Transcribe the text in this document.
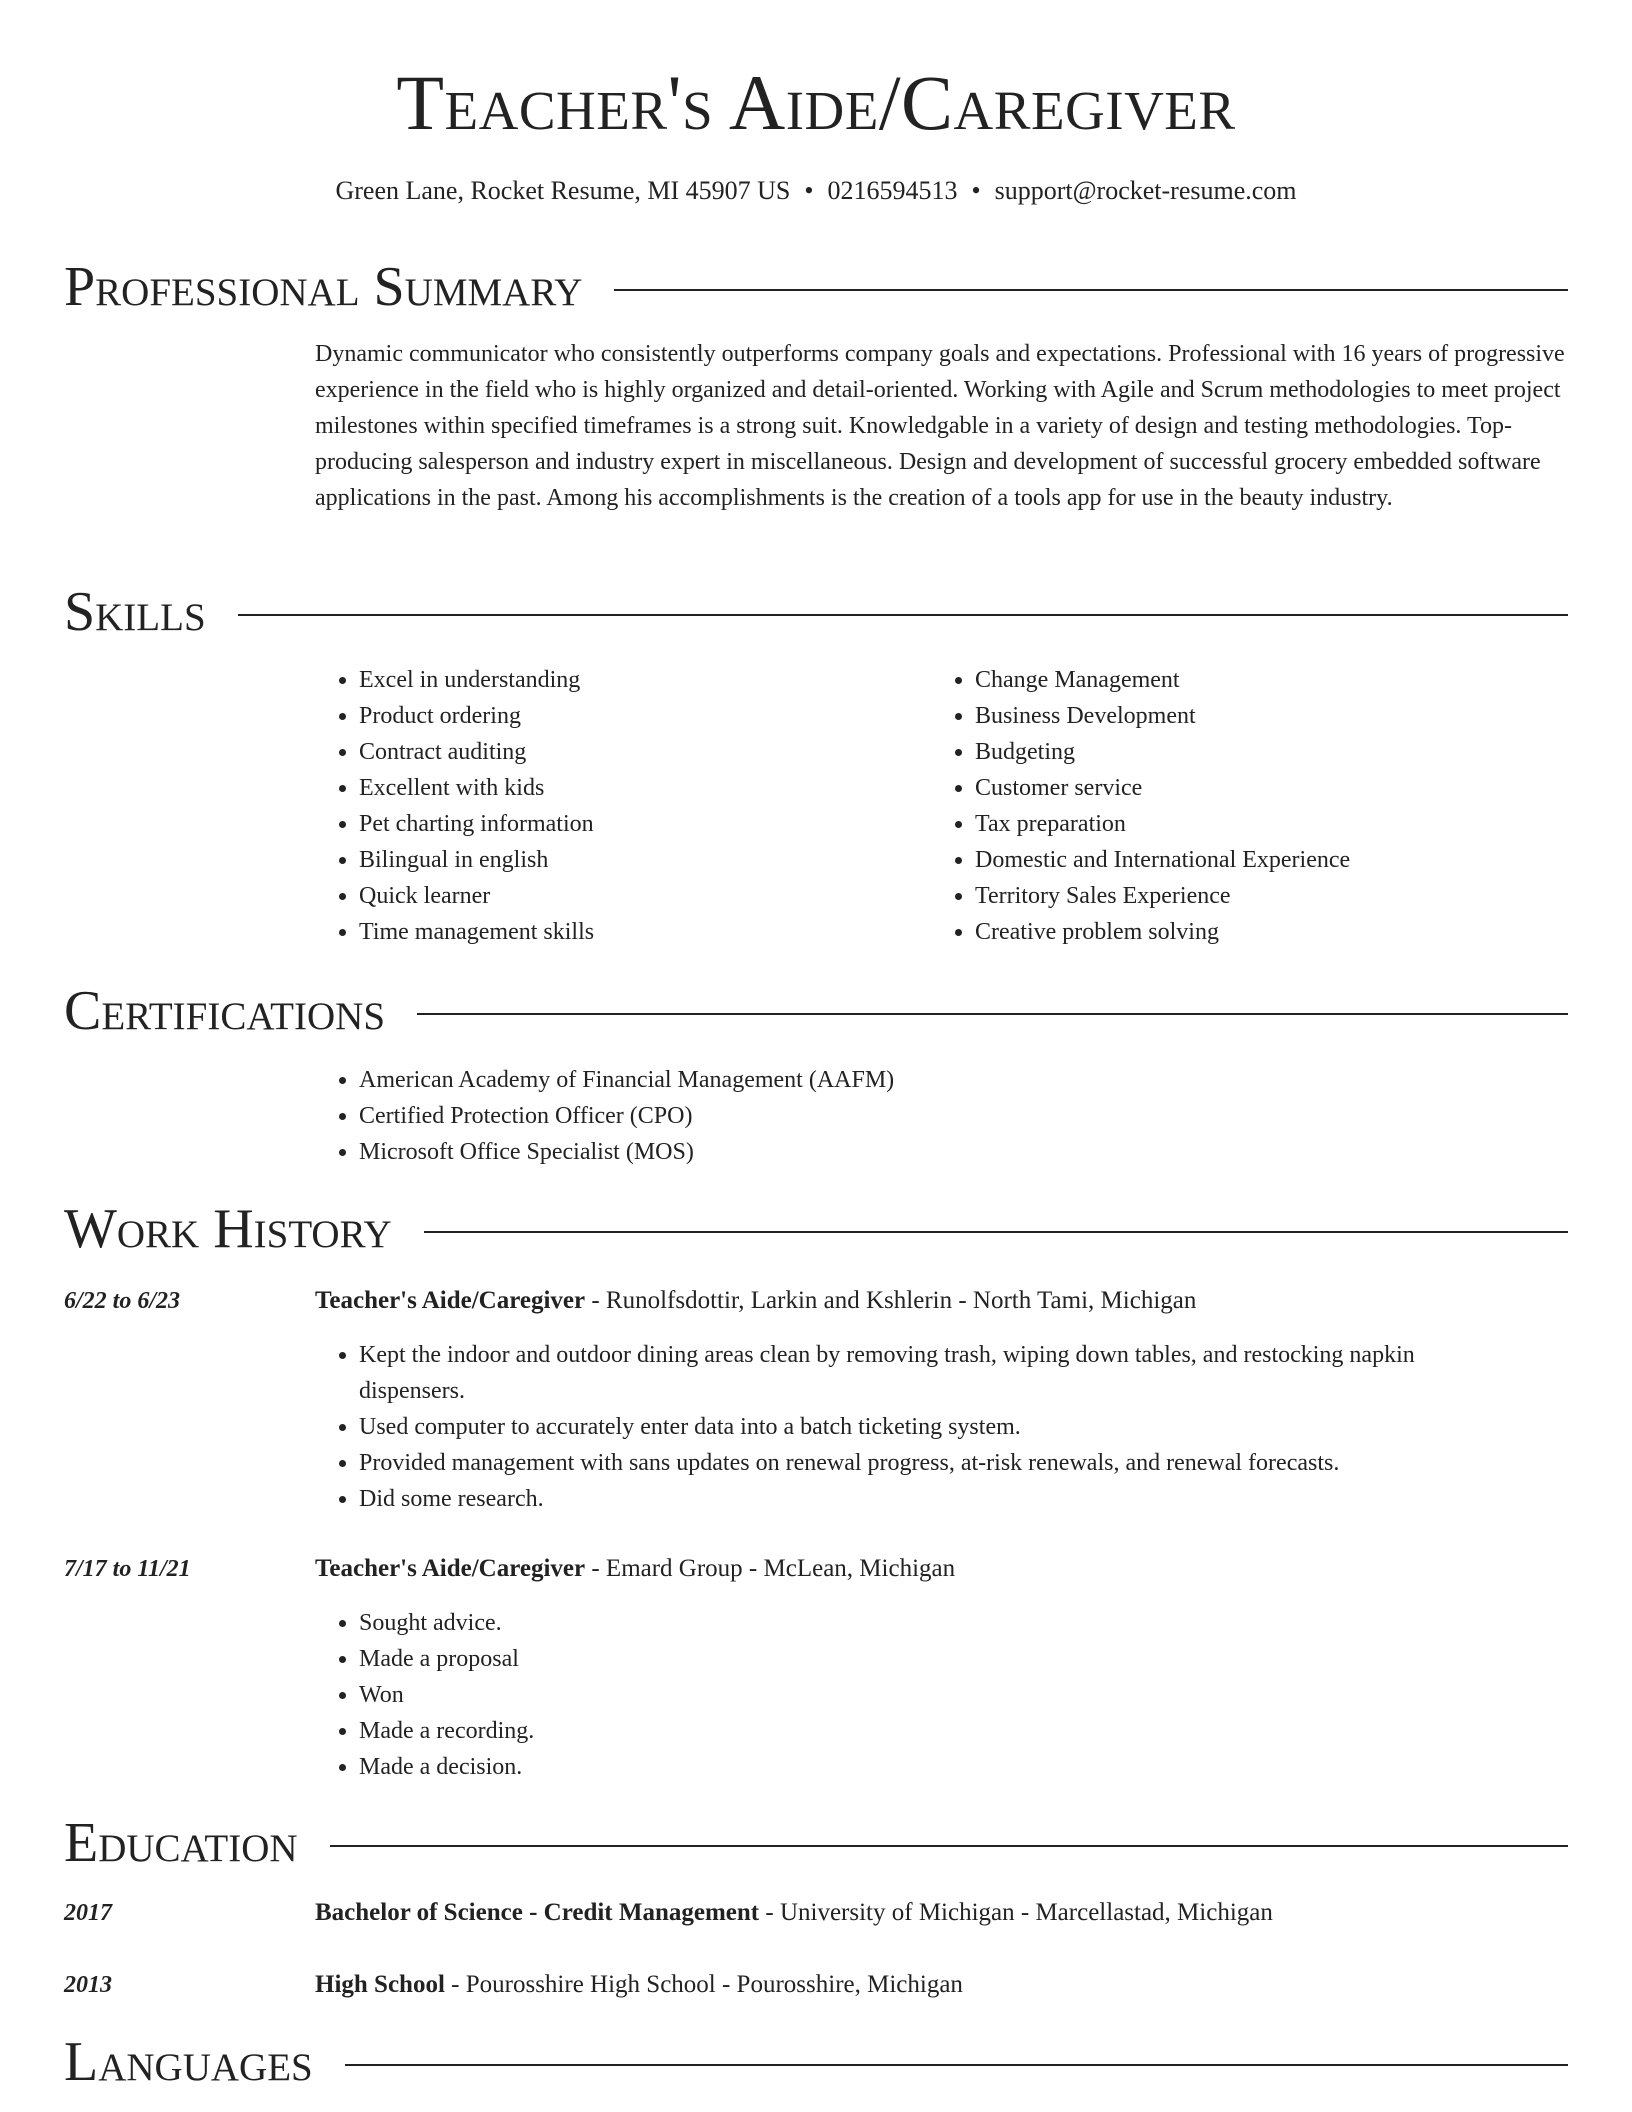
Teacher's Aide/Caregiver
Green Lane, Rocket Resume, MI 45907 US • 0216594513 • support@rocket-resume.com
Professional Summary

Dynamic communicator who consistently outperforms company goals and expectations. Professional with 16 years of progressive experience in the field who is highly organized and detail-oriented. Working with Agile and Scrum methodologies to meet project milestones within specified timeframes is a strong suit. Knowledgable in a variety of design and testing methodologies. Top-producing salesperson and industry expert in miscellaneous. Design and development of successful grocery embedded software applications in the past. Among his accomplishments is the creation of a tools app for use in the beauty industry.

Skills
• Excel in understanding
• Product ordering
• Contract auditing
• Excellent with kids
• Pet charting information
• Bilingual in english
• Quick learner
• Time management skills
• Change Management
• Business Development
• Budgeting
• Customer service
• Tax preparation
• Domestic and International Experience
• Territory Sales Experience
• Creative problem solving
Certifications
• American Academy of Financial Management (AAFM)
• Certified Protection Officer (CPO)
• Microsoft Office Specialist (MOS)
Work History
6/22 to 6/23	Teacher's Aide/Caregiver - Runolfsdottir, Larkin and Kshlerin - North Tami, Michigan
• Kept the indoor and outdoor dining areas clean by removing trash, wiping down tables, and restocking napkin dispensers.
• Used computer to accurately enter data into a batch ticketing system.
• Provided management with sans updates on renewal progress, at-risk renewals, and renewal forecasts.
• Did some research.
7/17 to 11/21	Teacher's Aide/Caregiver - Emard Group - McLean, Michigan
• Sought advice.
• Made a proposal
• Won
• Made a recording.
• Made a decision.
Education
2017	Bachelor of Science - Credit Management - University of Michigan - Marcellastad, Michigan
2013	High School - Pourosshire High School - Pourosshire, Michigan
Languages
